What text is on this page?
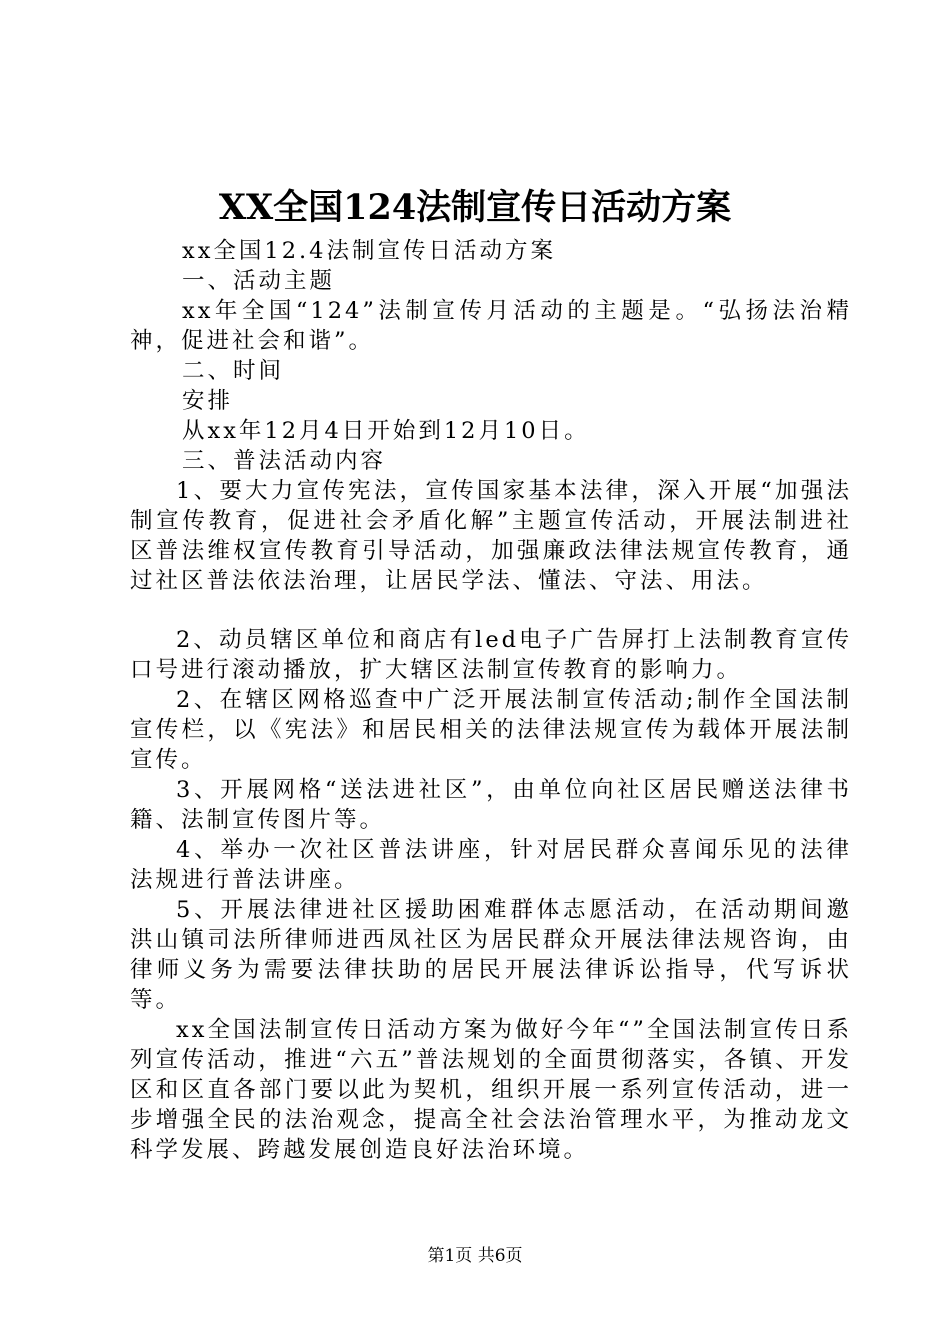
XX全国124法制宣传日活动方案

xx全国12.4法制宣传日活动方案

一、活动主题

xx年全国“124”法制宣传月活动的主题是。“弘扬法治精神，促进社会和谐”。

二、时间

安排

从xx年12月4日开始到12月10日。

三、普法活动内容

1、要大力宣传宪法，宣传国家基本法律，深入开展“加强法制宣传教育，促进社会矛盾化解”主题宣传活动，开展法制进社区普法维权宣传教育引导活动，加强廉政法律法规宣传教育，通过社区普法依法治理，让居民学法、懂法、守法、用法。

2、动员辖区单位和商店有led电子广告屏打上法制教育宣传口号进行滚动播放，扩大辖区法制宣传教育的影响力。

2、在辖区网格巡查中广泛开展法制宣传活动;制作全国法制宣传栏，以《宪法》和居民相关的法律法规宣传为载体开展法制宣传。

3、开展网格“送法进社区”，由单位向社区居民赠送法律书籍、法制宣传图片等。

4、举办一次社区普法讲座，针对居民群众喜闻乐见的法律法规进行普法讲座。

5、开展法律进社区援助困难群体志愿活动，在活动期间邀洪山镇司法所律师进西凤社区为居民群众开展法律法规咨询，由律师义务为需要法律扶助的居民开展法律诉讼指导，代写诉状等。

xx全国法制宣传日活动方案为做好今年“”全国法制宣传日系列宣传活动，推进“六五”普法规划的全面贯彻落实，各镇、开发区和区直各部门要以此为契机，组织开展一系列宣传活动，进一步增强全民的法治观念，提高全社会法治管理水平，为推动龙文科学发展、跨越发展创造良好法治环境。

第1页 共6页
